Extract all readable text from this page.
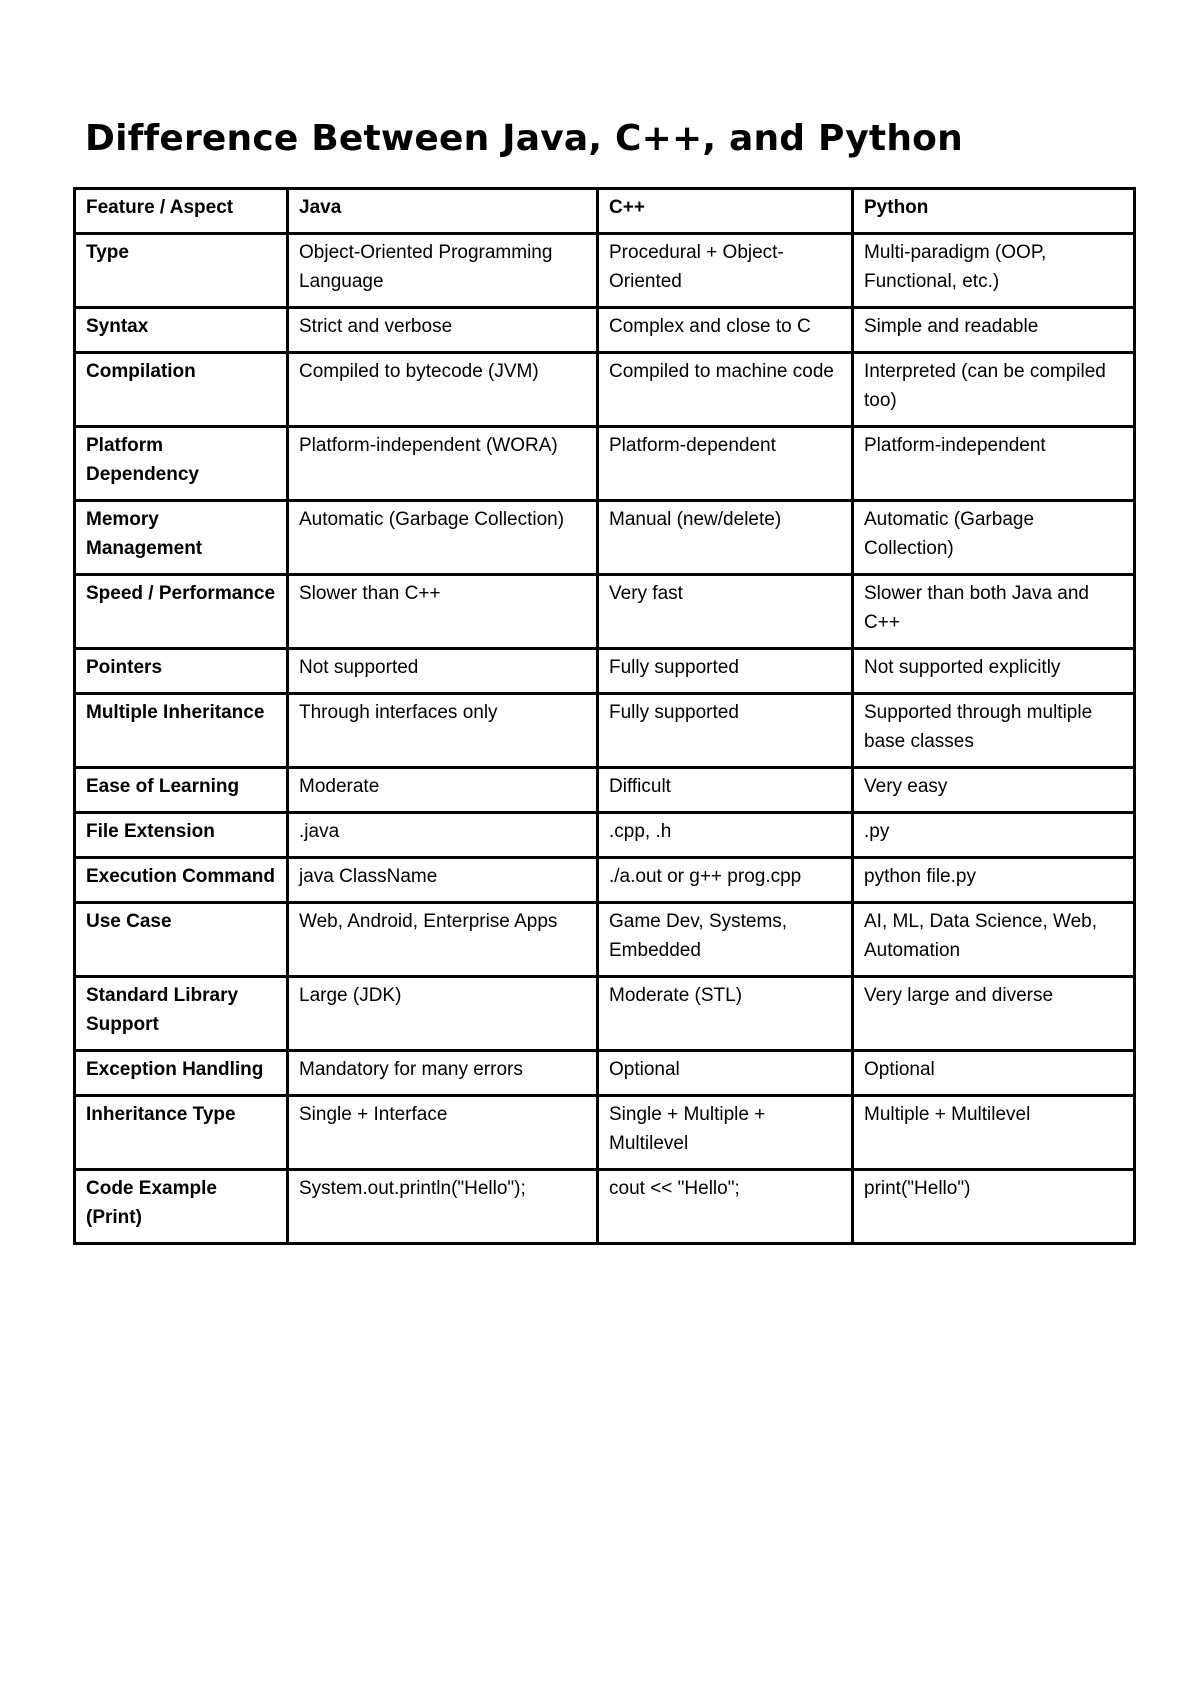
Difference Between Java, C++, and Python
Feature / Aspect	Java	C++	Python
Type	Object-Oriented Programming Language	Procedural + Object-Oriented	Multi-paradigm (OOP, Functional, etc.)
Syntax	Strict and verbose	Complex and close to C	Simple and readable
Compilation	Compiled to bytecode (JVM)	Compiled to machine code	Interpreted (can be compiled too)
Platform Dependency	Platform-independent (WORA)	Platform-dependent	Platform-independent
Memory Management	Automatic (Garbage Collection)	Manual (new/delete)	Automatic (Garbage Collection)
Speed / Performance	Slower than C++	Very fast	Slower than both Java and C++
Pointers	Not supported	Fully supported	Not supported explicitly
Multiple Inheritance	Through interfaces only	Fully supported	Supported through multiple base classes
Ease of Learning	Moderate	Difficult	Very easy
File Extension	.java	.cpp, .h	.py
Execution Command	java ClassName	./a.out or g++ prog.cpp	python file.py
Use Case	Web, Android, Enterprise Apps	Game Dev, Systems, Embedded	AI, ML, Data Science, Web, Automation
Standard Library Support	Large (JDK)	Moderate (STL)	Very large and diverse
Exception Handling	Mandatory for many errors	Optional	Optional
Inheritance Type	Single + Interface	Single + Multiple + Multilevel	Multiple + Multilevel
Code Example (Print)	System.out.println("Hello");	cout << "Hello";	print("Hello")
